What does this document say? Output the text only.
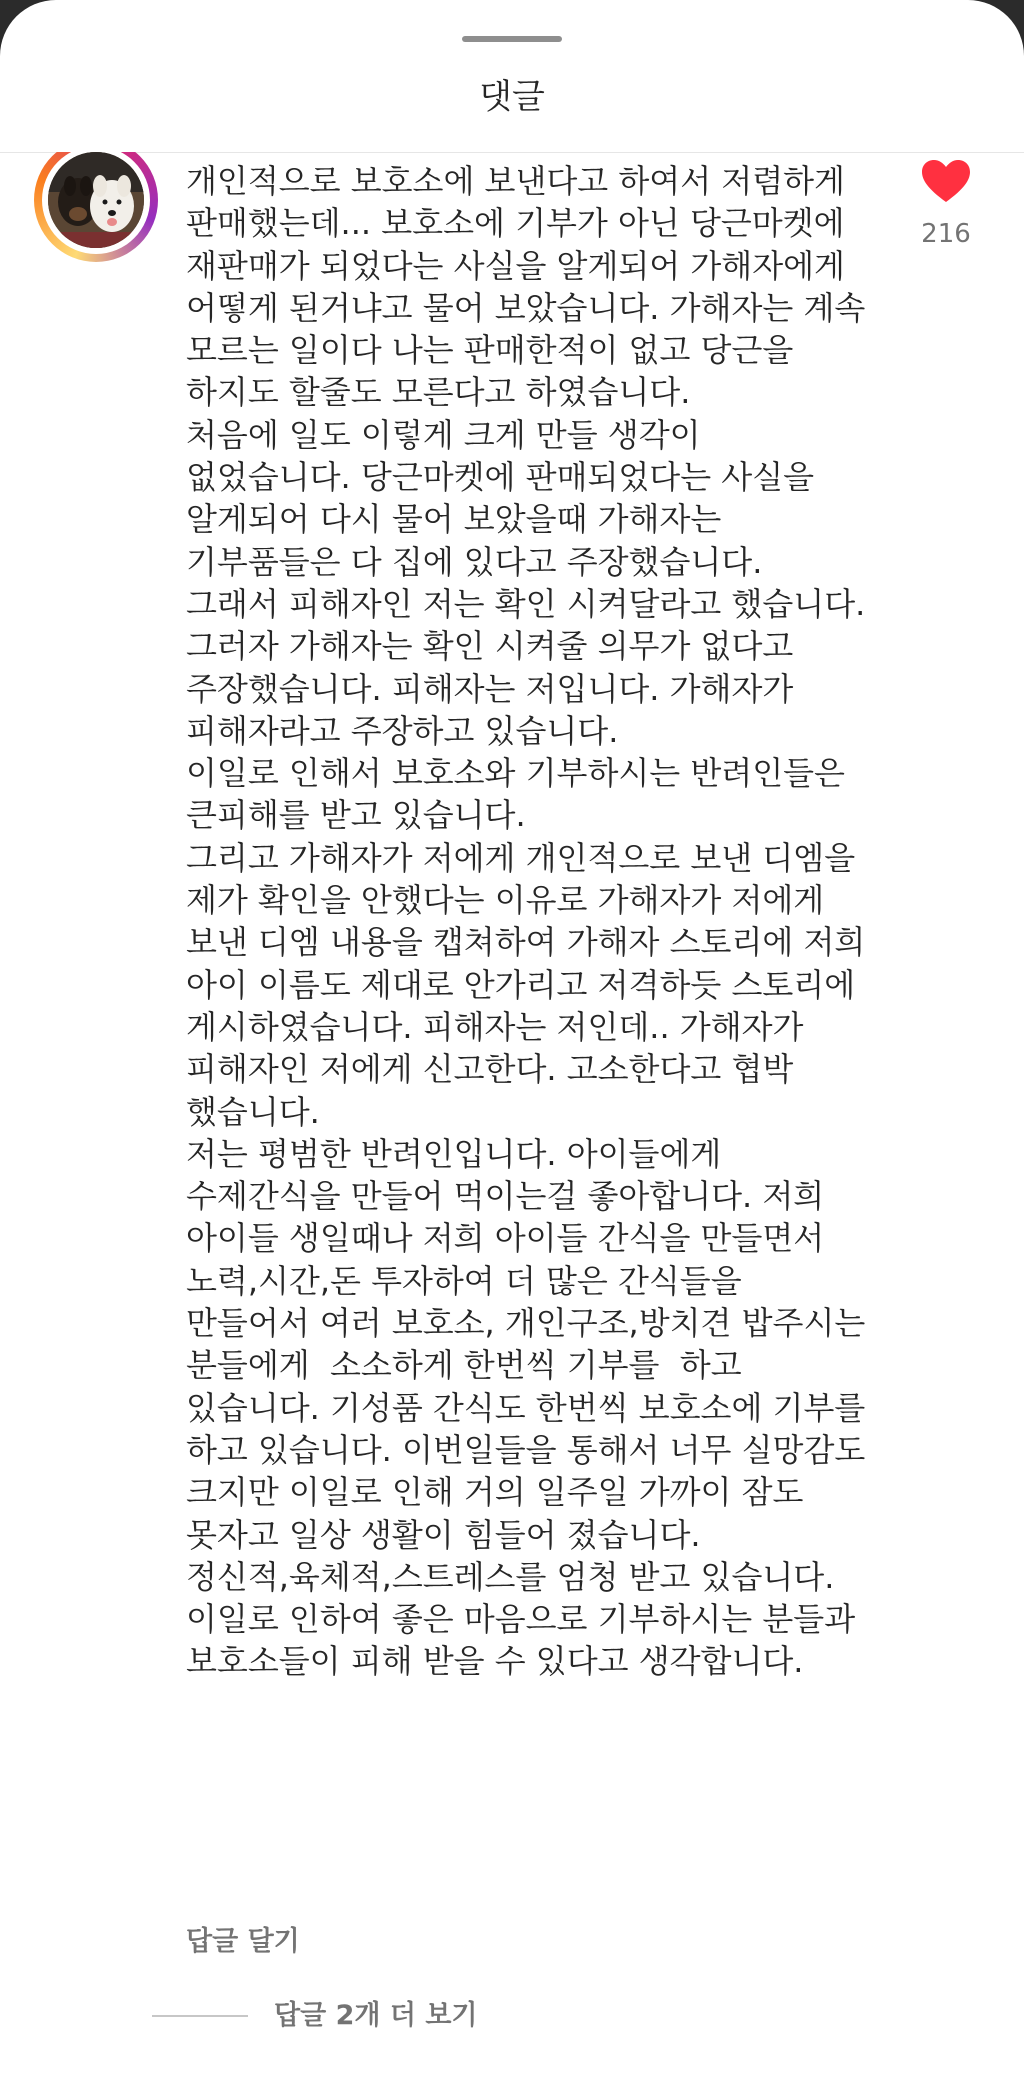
댓글
개인적으로 보호소에 보낸다고 하여서 저렴하게
판매했는데... 보호소에 기부가 아닌 당근마켓에
재판매가 되었다는 사실을 알게되어 가해자에게
어떻게 된거냐고 물어 보았습니다. 가해자는 계속
모르는 일이다 나는 판매한적이 없고 당근을
하지도 할줄도 모른다고 하였습니다.
처음에 일도 이렇게 크게 만들 생각이
없었습니다. 당근마켓에 판매되었다는 사실을
알게되어 다시 물어 보았을때 가해자는
기부품들은 다 집에 있다고 주장했습니다.
그래서 피해자인 저는 확인 시켜달라고 했습니다.
그러자 가해자는 확인 시켜줄 의무가 없다고
주장했습니다. 피해자는 저입니다. 가해자가
피해자라고 주장하고 있습니다.
이일로 인해서 보호소와 기부하시는 반려인들은
큰피해를 받고 있습니다.
그리고 가해자가 저에게 개인적으로 보낸 디엠을
제가 확인을 안했다는 이유로 가해자가 저에게
보낸 디엠 내용을 캡쳐하여 가해자 스토리에 저희
아이 이름도 제대로 안가리고 저격하듯 스토리에
게시하였습니다. 피해자는 저인데.. 가해자가
피해자인 저에게 신고한다. 고소한다고 협박
했습니다.
저는 평범한 반려인입니다. 아이들에게
수제간식을 만들어 먹이는걸 좋아합니다. 저희
아이들 생일때나 저희 아이들 간식을 만들면서
노력,시간,돈 투자하여 더 많은 간식들을
만들어서 여러 보호소, 개인구조,방치견 밥주시는
분들에게  소소하게 한번씩 기부를  하고
있습니다. 기성품 간식도 한번씩 보호소에 기부를
하고 있습니다. 이번일들을 통해서 너무 실망감도
크지만 이일로 인해 거의 일주일 가까이 잠도
못자고 일상 생활이 힘들어 졌습니다.
정신적,육체적,스트레스를 엄청 받고 있습니다.
이일로 인하여 좋은 마음으로 기부하시는 분들과
보호소들이 피해 받을 수 있다고 생각합니다.
답글 달기
216
답글 2개 더 보기
